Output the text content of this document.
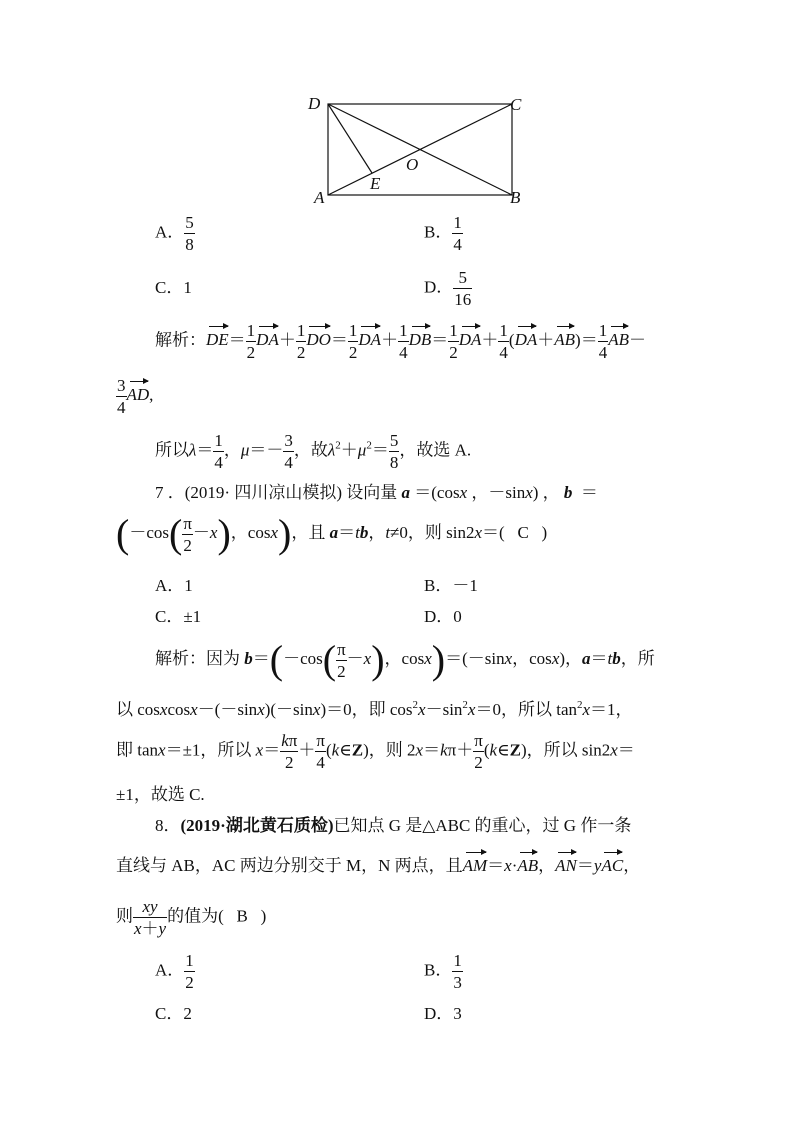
D	C
A	B
O
E
A． $\frac{5}{8}$	B． $\frac{1}{4}$
C．1	D． $\frac{5}{16}$
解析：$DE= \frac{1}{2} DA+ \frac{1}{2} DO= \frac{1}{2} DA+ \frac{1}{4} DB= \frac{1}{2} DA+ \frac{1}{4} (DA+AB)= \frac{1}{4} AB-$
$\frac{3}{4}$ AD,
所以$\lambda= \frac{1}{4}$ ，$\mu=- \frac{3}{4}$ ，故$\lambda^2+\mu^2= \frac{5}{8}$ ，故选 A.
7 ．(2019· 四川凉山模拟) 设向量 a ＝(cosx ，－sinx) ， b  ＝
($-\cos( \frac{\pi}{2} -x)$，cosx)，且 a＝tb，t≠0，则 sin2x＝(   C   )
A．1	B．－1
C．±1	D．0
解析：因为 $b=(-\cos( \frac{\pi}{2} -x)$，cosx)＝(－sinx，cosx)，a＝tb，所
以 cosxcosx－(－sinx)(－sinx)＝0，即 $\cos^2x-\sin^2x=0$，所以 $\tan^2x=1$，
即 tanx＝±1，所以 $x= \frac{k\pi}{2} + \frac{\pi}{4}$ (k∈Z)，则 $2x=k\pi+ \frac{\pi}{2}$ (k∈Z)，所以 sin2x＝
±1，故选 C.
8．(2019·湖北黄石质检)已知点 G 是△ABC 的重心，过 G 作一条
直线与 AB，AC 两边分别交于 M，N 两点，且AM＝x·AB，AN＝yAC，
则 $\frac{xy}{x+y}$ 的值为( B   )
A． $\frac{1}{2}$	B． $\frac{1}{3}$
C．2	D．3
